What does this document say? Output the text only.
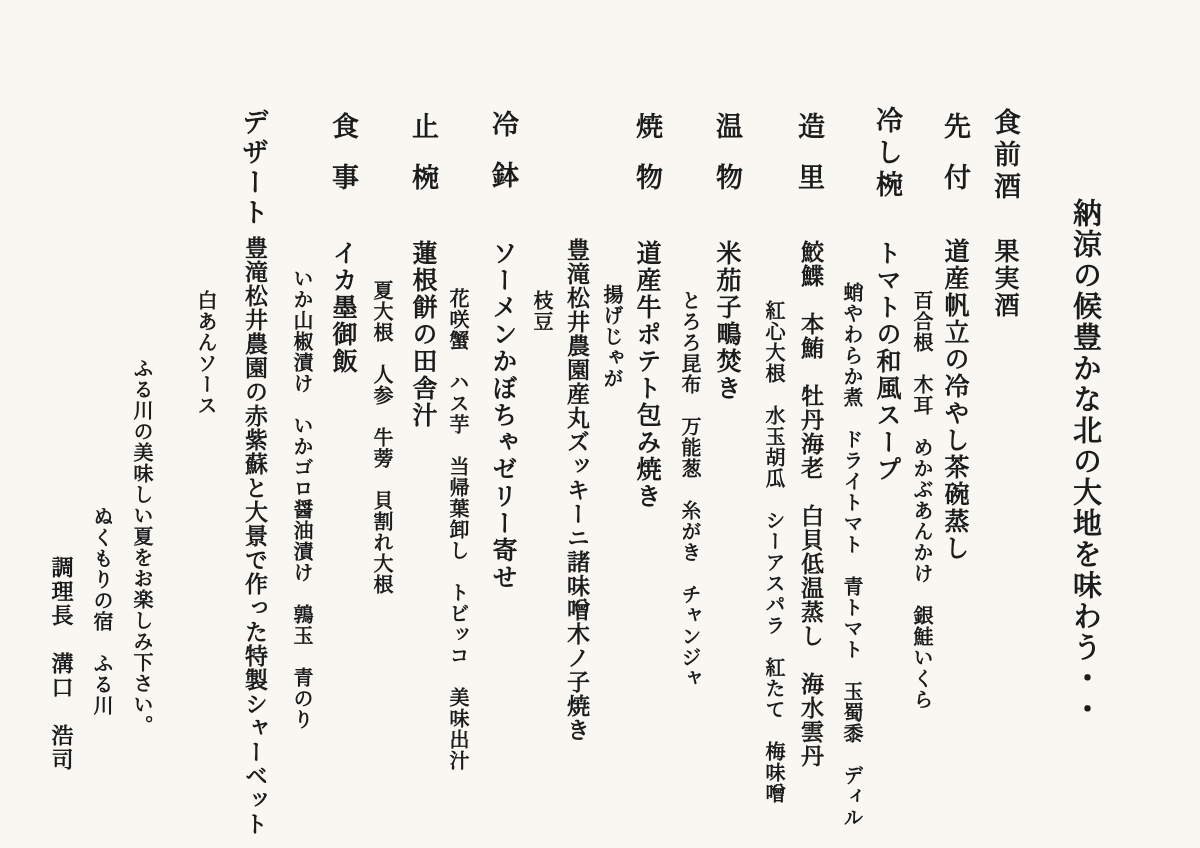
納涼の候豊かな北の大地を味わう・・
食前酒
果実酒
先付
道産帆立の冷やし茶碗蒸し
百合根　木耳　めかぶあんかけ　銀鮭いくら
冷し椀
トマトの和風スープ
蛸やわらか煮　ドライトマト　青トマト　玉蜀黍　ディル
造里
鮫鰈　本鮪　牡丹海老　白貝低温蒸し　海水雲丹
紅心大根　水玉胡瓜　シーアスパラ　紅たて　梅味噌
温物
米茄子鴫焚き
とろろ昆布　万能葱　糸がき　チャンジャ
焼物
道産牛ポテト包み焼き
揚げじゃが
豊滝松井農園産丸ズッキーニ諸味噌木ノ子焼き
枝豆
冷鉢
ソーメンかぼちゃゼリー寄せ
花咲蟹　ハス芋　当帰葉卸し　トビッコ　美味出汁
止椀
蓮根餅の田舎汁
夏大根　人参　牛蒡　貝割れ大根
食事
イカ墨御飯
いか山椒漬け　いかゴロ醤油漬け　鶉玉　青のり
デザート
豊滝松井農園の赤紫蘇と大景で作った特製シャーベット
白あんソース
ふる川の美味しい夏をお楽しみ下さい。
ぬくもりの宿　ふる川
調理長　溝口　浩司
